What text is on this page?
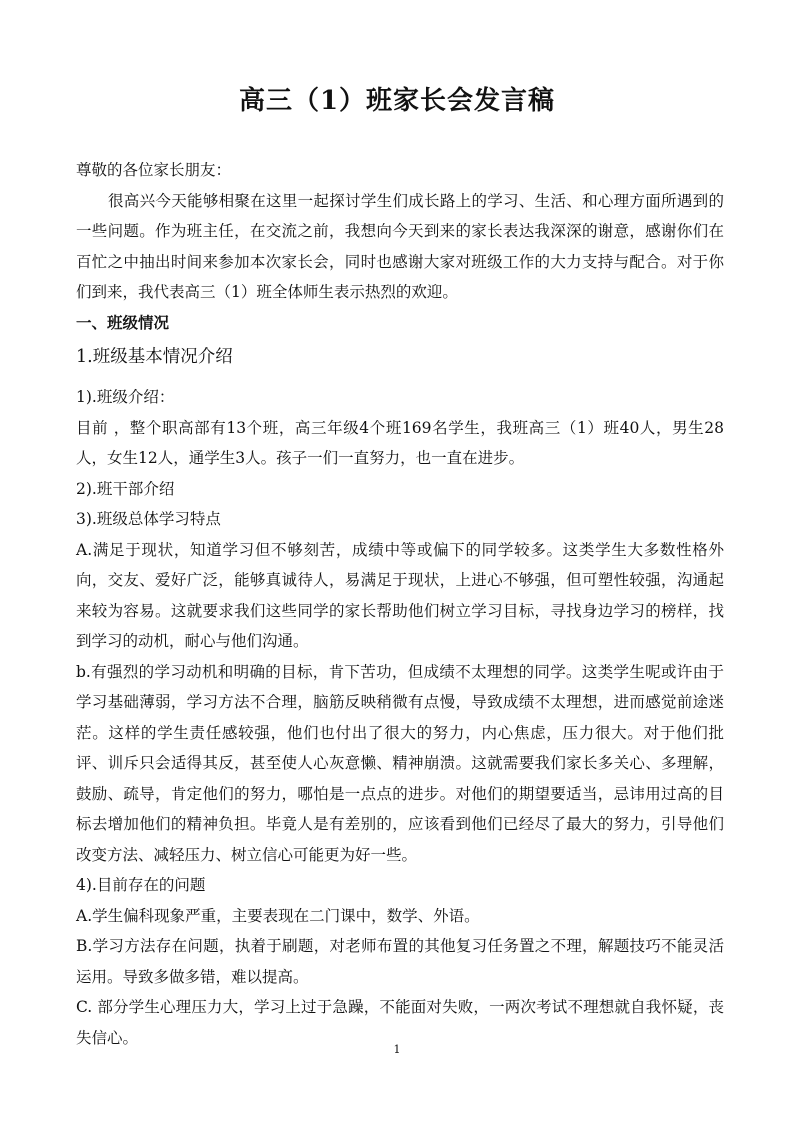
高三（1）班家长会发言稿

尊敬的各位家长朋友：

很高兴今天能够相聚在这里一起探讨学生们成长路上的学习、生活、和心理方面所遇到的一些问题。作为班主任，在交流之前，我想向今天到来的家长表达我深深的谢意，感谢你们在百忙之中抽出时间来参加本次家长会，同时也感谢大家对班级工作的大力支持与配合。对于你们到来，我代表高三（1）班全体师生表示热烈的欢迎。

一、班级情况

1.班级基本情况介绍

1).班级介绍：

目前 ，整个职高部有13个班，高三年级4个班169名学生，我班高三（1）班40人，男生28人，女生12人，通学生3人。孩子一们一直努力，也一直在进步。

2).班干部介绍

3).班级总体学习特点

A.满足于现状，知道学习但不够刻苦，成绩中等或偏下的同学较多。这类学生大多数性格外向，交友、爱好广泛，能够真诚待人，易满足于现状，上进心不够强，但可塑性较强，沟通起来较为容易。这就要求我们这些同学的家长帮助他们树立学习目标，寻找身边学习的榜样，找到学习的动机，耐心与他们沟通。

b.有强烈的学习动机和明确的目标，肯下苦功，但成绩不太理想的同学。这类学生呢或许由于学习基础薄弱，学习方法不合理，脑筋反映稍微有点慢，导致成绩不太理想，进而感觉前途迷茫。这样的学生责任感较强，他们也付出了很大的努力，内心焦虑，压力很大。对于他们批评、训斥只会适得其反，甚至使人心灰意懒、精神崩溃。这就需要我们家长多关心、多理解，鼓励、疏导，肯定他们的努力，哪怕是一点点的进步。对他们的期望要适当，忌讳用过高的目标去增加他们的精神负担。毕竟人是有差别的，应该看到他们已经尽了最大的努力，引导他们改变方法、减轻压力、树立信心可能更为好一些。

4).目前存在的问题

A.学生偏科现象严重，主要表现在二门课中，数学、外语。

B.学习方法存在问题，执着于刷题，对老师布置的其他复习任务置之不理，解题技巧不能灵活运用。导致多做多错，难以提高。

C. 部分学生心理压力大，学习上过于急躁，不能面对失败，一两次考试不理想就自我怀疑，丧失信心。

1
